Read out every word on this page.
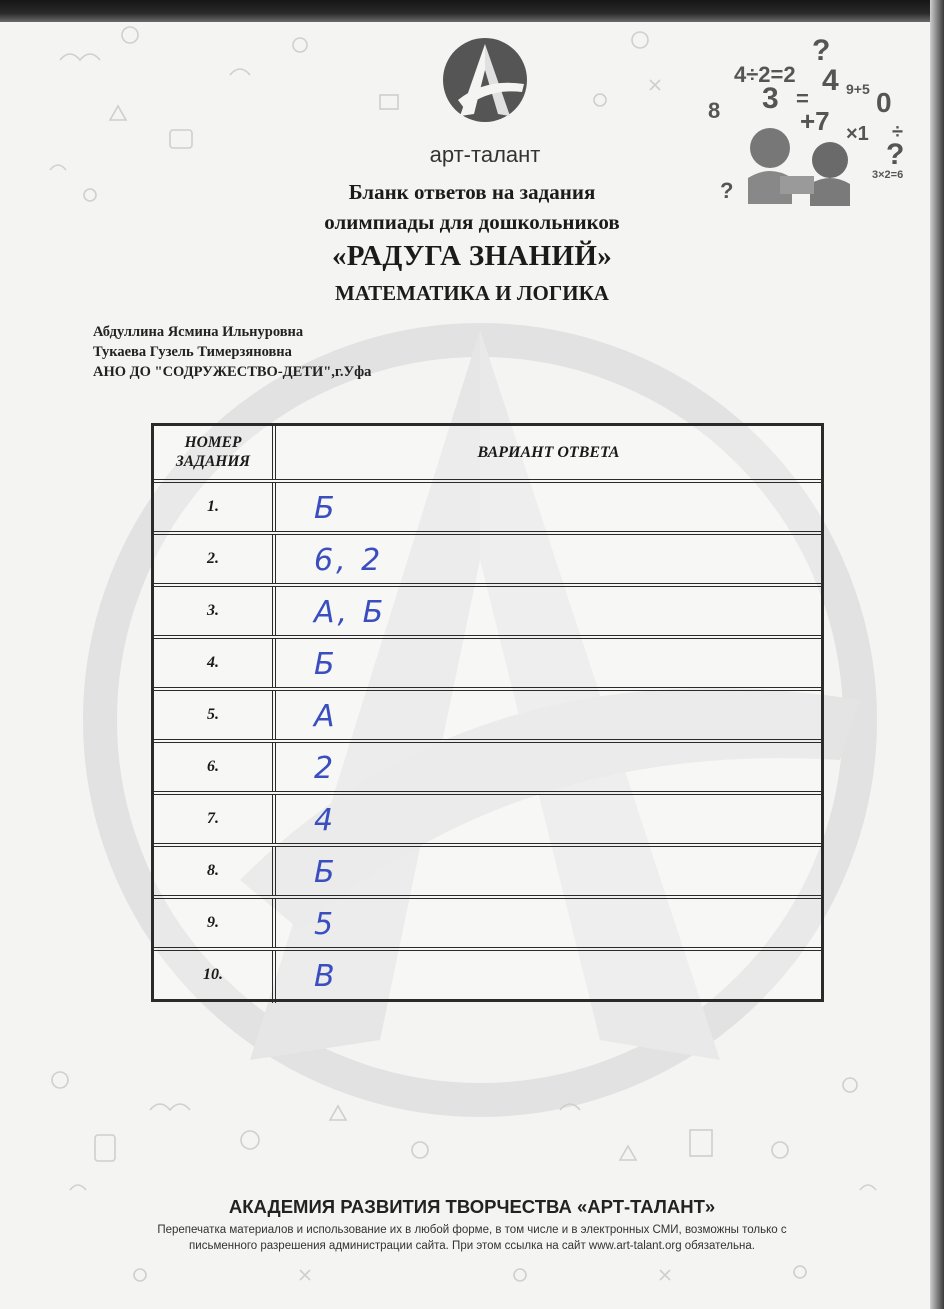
арт-талант
Бланк ответов на задания
олимпиады для дошкольников
«РАДУГА ЗНАНИЙ»
МАТЕМАТИКА И ЛОГИКА
4÷2=2
3 =
4 9+5 0
+7 ×1 ÷
8
3×2=6
?
?
?
Абдуллина Ясмина Ильнуровна
Тукаева Гузель Тимерзяновна
АНО ДО "СОДРУЖЕСТВО-ДЕТИ",г.Уфа
НОМЕР
ЗАДАНИЯ
ВАРИАНТ ОТВЕТА
1.	Б
2.	6, 2
3.	А, Б
4.	Б
5.	А
6.	2
7.	4
8.	Б
9.	5
10.	В
АКАДЕМИЯ РАЗВИТИЯ ТВОРЧЕСТВА «АРТ-ТАЛАНТ»
Перепечатка материалов и использование их в любой форме, в том числе и в электронных СМИ, возможны только с
письменного разрешения администрации сайта. При этом ссылка на сайт www.art-talant.org обязательна.
